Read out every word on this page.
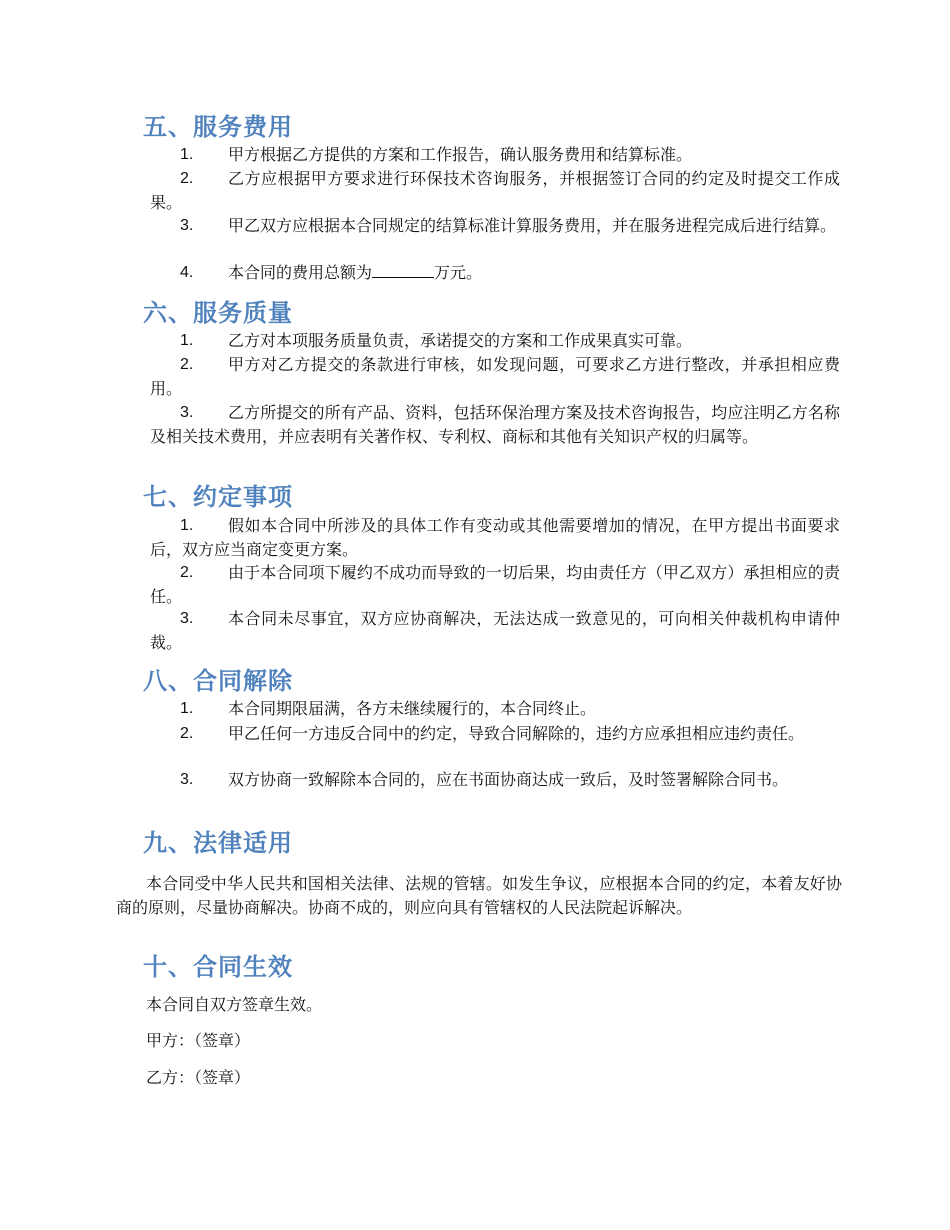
五、服务费用
1.	甲方根据乙方提供的方案和工作报告，确认服务费用和结算标准。
2.	乙方应根据甲方要求进行环保技术咨询服务，并根据签订合同的约定及时提交工作成果。
3.	甲乙双方应根据本合同规定的结算标准计算服务费用，并在服务进程完成后进行结算。
4.	本合同的费用总额为	万元。
六、服务质量
1.	乙方对本项服务质量负责，承诺提交的方案和工作成果真实可靠。
2.	甲方对乙方提交的条款进行审核，如发现问题，可要求乙方进行整改，并承担相应费用。
3.	乙方所提交的所有产品、资料，包括环保治理方案及技术咨询报告，均应注明乙方名称及相关技术费用，并应表明有关著作权、专利权、商标和其他有关知识产权的归属等。
七、约定事项
1.	假如本合同中所涉及的具体工作有变动或其他需要增加的情况，在甲方提出书面要求后，双方应当商定变更方案。
2.	由于本合同项下履约不成功而导致的一切后果，均由责任方（甲乙双方）承担相应的责任。
3.	本合同未尽事宜，双方应协商解决，无法达成一致意见的，可向相关仲裁机构申请仲裁。
八、合同解除
1.	本合同期限届满，各方未继续履行的，本合同终止。
2.	甲乙任何一方违反合同中的约定，导致合同解除的，违约方应承担相应违约责任。
3.	双方协商一致解除本合同的，应在书面协商达成一致后，及时签署解除合同书。
九、法律适用

本合同受中华人民共和国相关法律、法规的管辖。如发生争议，应根据本合同的约定，本着友好协商的原则，尽量协商解决。协商不成的，则应向具有管辖权的人民法院起诉解决。

十、合同生效

本合同自双方签章生效。

甲方：（签章）

乙方：（签章）
